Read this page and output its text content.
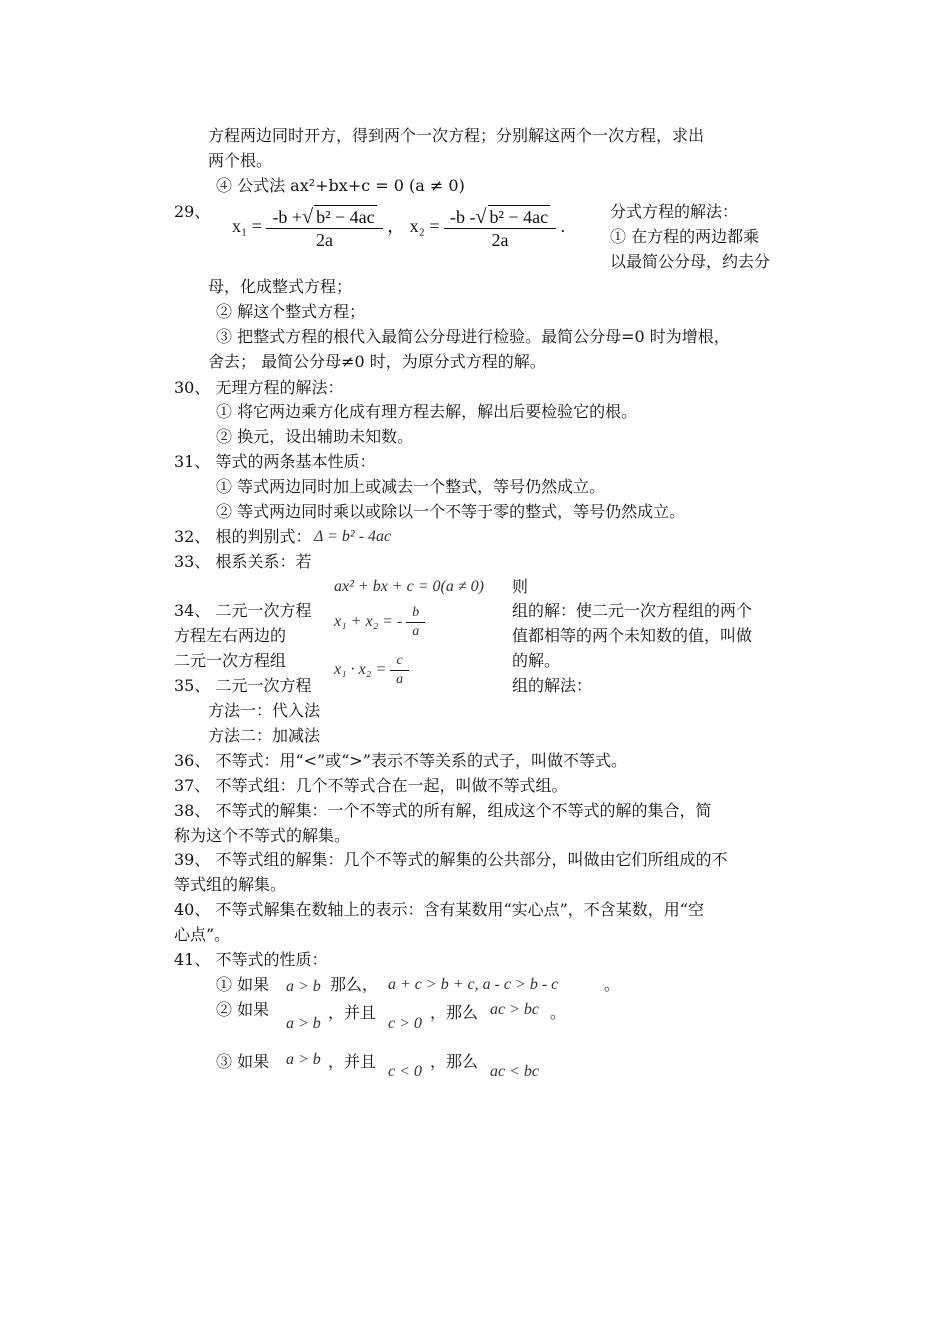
方程两边同时开方，得到两个一次方程；分别解这两个一次方程，求出
两个根。
④ 公式法 ax²+bx+c = 0 (a ≠ 0)
29、
$x_1 = \frac{\text{-b +√ b² − 4ac}}{2a}$ ， $x_2 = \frac{\text{-b -√ b² − 4ac}}{2a}$ .
分式方程的解法：
① 在方程的两边都乘
以最简公分母，约去分
母，化成整式方程；
② 解这个整式方程；
③ 把整式方程的根代入最简公分母进行检验。最简公分母=0 时为增根，
舍去； 最简公分母≠0 时，为原分式方程的解。
30、 无理方程的解法：
① 将它两边乘方化成有理方程去解，解出后要检验它的根。
② 换元，设出辅助未知数。
31、 等式的两条基本性质：
① 等式两边同时加上或减去一个整式，等号仍然成立。
② 等式两边同时乘以或除以一个不等于零的整式，等号仍然成立。
32、 根的判别式： Δ = b² - 4ac
33、 根系关系：若
ax² + bx + c = 0(a ≠ 0) 则
34、 二元一次方程	组的解：使二元一次方程组的两个
方程左右两边的	值都相等的两个未知数的值，叫做
二元一次方程组	的解。
x₁ + x₂ = - $\frac{b}{a}$
$x_1 \cdot x_2 = \frac{c}{a}$
35、 二元一次方程	组的解法：
方法一：代入法
方法二：加减法
36、 不等式：用“<”或“>”表示不等关系的式子，叫做不等式。
37、 不等式组：几个不等式合在一起，叫做不等式组。
38、 不等式的解集：一个不等式的所有解，组成这个不等式的解的集合，简
称为这个不等式的解集。
39、 不等式组的解集：几个不等式的解集的公共部分，叫做由它们所组成的不
等式组的解集。
40、 不等式解集在数轴上的表示：含有某数用“实心点”，不含某数，用“空
心点”。
41、 不等式的性质：
① 如果 a > b 那么， a + c > b + c, a - c > b - c	。
② 如果
a > b
，并且
c > 0
，那么 ac > bc 。
③ 如果 a > b ，并且
c < 0
，那么
ac < bc
